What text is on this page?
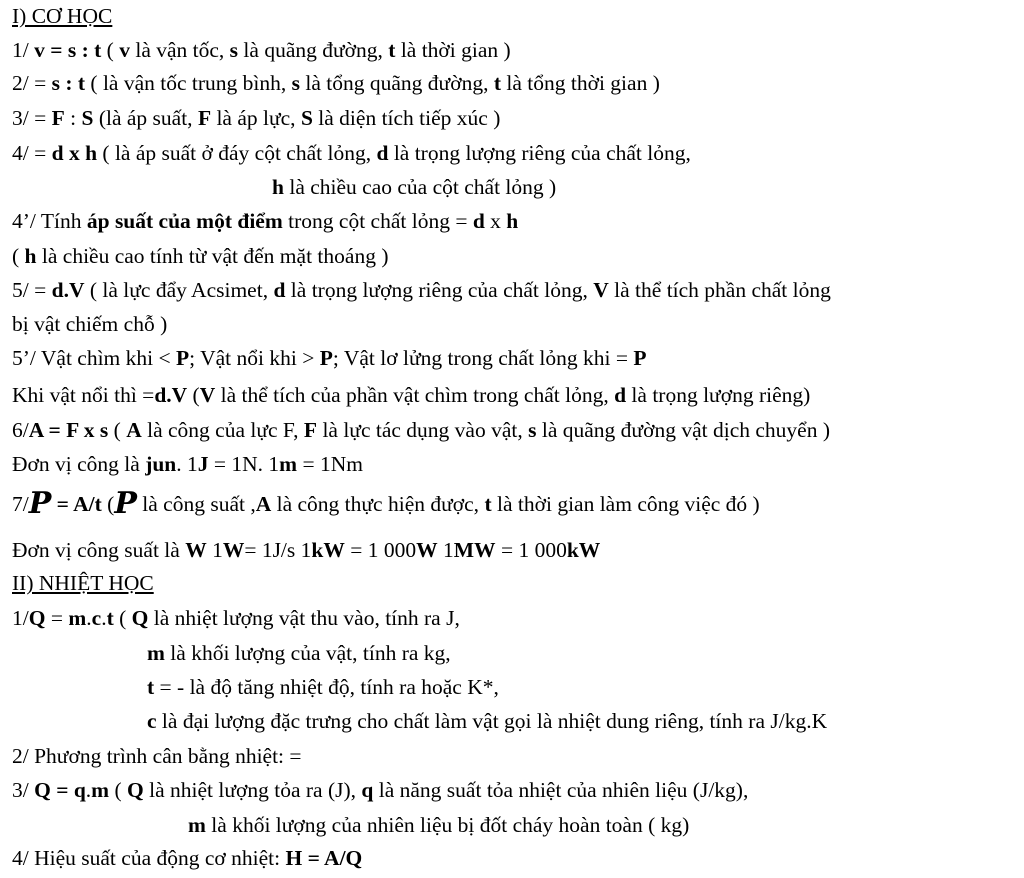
I) CƠ HỌC
1/ v = s : t ( v là vận tốc, s là quãng đường, t là thời gian )
2/ = s : t ( là vận tốc trung bình, s là tổng quãng đường, t là tổng thời gian )
3/ = F : S (là áp suất, F là áp lực, S là diện tích tiếp xúc )
4/ = d x h ( là áp suất ở đáy cột chất lỏng, d là trọng lượng riêng của chất lỏng,
h là chiều cao của cột chất lỏng )
4’/ Tính áp suất của một điểm trong cột chất lỏng = d x h
( h là chiều cao tính từ vật đến mặt thoáng )
5/ = d.V ( là lực đẩy Acsimet, d là trọng lượng riêng của chất lỏng, V là thể tích phần chất lỏng
bị vật chiếm chỗ )
5’/ Vật chìm khi < P; Vật nổi khi > P; Vật lơ lửng trong chất lỏng khi = P
Khi vật nổi thì =d.V (V là thể tích của phần vật chìm trong chất lỏng, d là trọng lượng riêng)
6/A = F x s ( A là công của lực F, F là lực tác dụng vào vật, s là quãng đường vật dịch chuyển )
Đơn vị công là jun. 1J = 1N. 1m = 1Nm
7/P = A/t (P là công suất ,A là công thực hiện được, t là thời gian làm công việc đó )
Đơn vị công suất là W 1W= 1J/s 1kW = 1 000W 1MW = 1 000kW
II) NHIỆT HỌC
1/Q = m.c.t ( Q là nhiệt lượng vật thu vào, tính ra J,
m là khối lượng của vật, tính ra kg,
t = - là độ tăng nhiệt độ, tính ra hoặc K*,
c là đại lượng đặc trưng cho chất làm vật gọi là nhiệt dung riêng, tính ra J/kg.K
2/ Phương trình cân bằng nhiệt: =
3/ Q = q.m ( Q là nhiệt lượng tỏa ra (J), q là năng suất tỏa nhiệt của nhiên liệu (J/kg),
m là khối lượng của nhiên liệu bị đốt cháy hoàn toàn ( kg)
4/ Hiệu suất của động cơ nhiệt: H = A/Q
